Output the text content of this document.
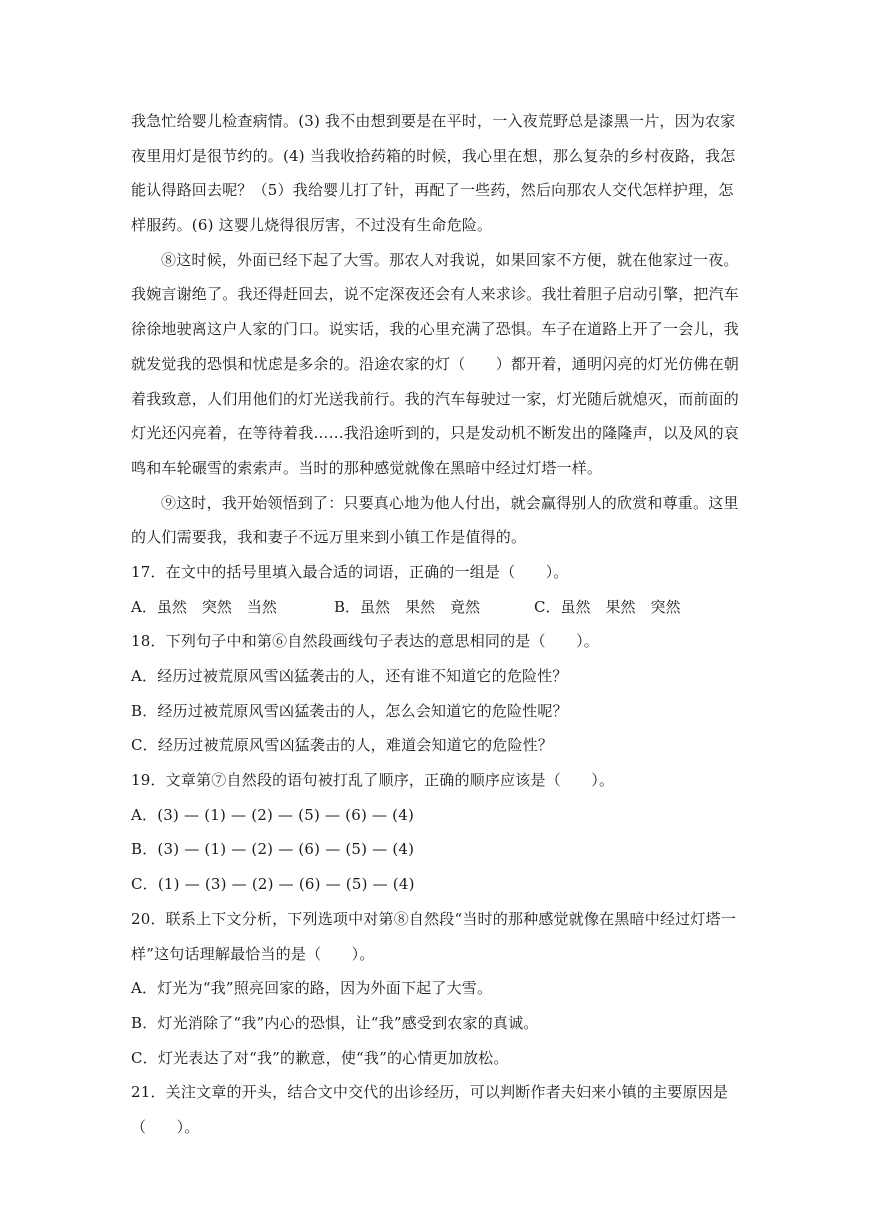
我急忙给婴儿检查病情。(3) 我不由想到要是在平时，一入夜荒野总是漆黑一片，因为农家
夜里用灯是很节约的。(4) 当我收拾药箱的时候，我心里在想，那么复杂的乡村夜路，我怎
能认得路回去呢？（5）我给婴儿打了针，再配了一些药，然后向那农人交代怎样护理，怎
样服药。(6) 这婴儿烧得很厉害，不过没有生命危险。
⑧这时候，外面已经下起了大雪。那农人对我说，如果回家不方便，就在他家过一夜。
我婉言谢绝了。我还得赶回去，说不定深夜还会有人来求诊。我壮着胆子启动引擎，把汽车
徐徐地驶离这户人家的门口。说实话，我的心里充满了恐惧。车子在道路上开了一会儿，我
就发觉我的恐惧和忧虑是多余的。沿途农家的灯（　　）都开着，通明闪亮的灯光仿佛在朝
着我致意，人们用他们的灯光送我前行。我的汽车每驶过一家，灯光随后就熄灭，而前面的
灯光还闪亮着，在等待着我……我沿途听到的，只是发动机不断发出的隆隆声，以及风的哀
鸣和车轮碾雪的索索声。当时的那种感觉就像在黑暗中经过灯塔一样。
⑨这时，我开始领悟到了：只要真心地为他人付出，就会赢得别人的欣赏和尊重。这里
的人们需要我，我和妻子不远万里来到小镇工作是值得的。
17．在文中的括号里填入最合适的词语，正确的一组是（　　）。
A．虽然　突然　当然	B．虽然　果然　竟然	C．虽然　果然　突然
18．下列句子中和第⑥自然段画线句子表达的意思相同的是（　　）。
A．经历过被荒原风雪凶猛袭击的人，还有谁不知道它的危险性？
B．经历过被荒原风雪凶猛袭击的人，怎么会知道它的危险性呢？
C．经历过被荒原风雪凶猛袭击的人，难道会知道它的危险性？
19．文章第⑦自然段的语句被打乱了顺序，正确的顺序应该是（　　）。
A．(3) — (1) — (2) — (5) — (6) — (4)
B．(3) — (1) — (2) — (6) — (5) — (4)
C．(1) — (3) — (2) — (6) — (5) — (4)
20．联系上下文分析，下列选项中对第⑧自然段“当时的那种感觉就像在黑暗中经过灯塔一
样”这句话理解最恰当的是（　　）。
A．灯光为“我”照亮回家的路，因为外面下起了大雪。
B．灯光消除了“我”内心的恐惧，让“我”感受到农家的真诚。
C．灯光表达了对“我”的歉意，使“我”的心情更加放松。
21．关注文章的开头，结合文中交代的出诊经历，可以判断作者夫妇来小镇的主要原因是
（　　）。
